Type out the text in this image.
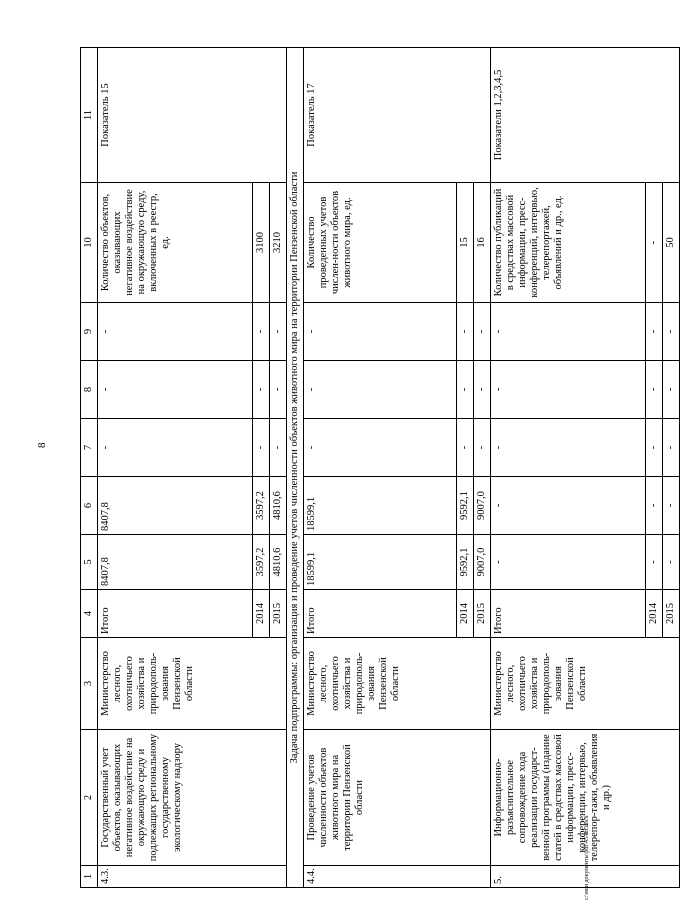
8
c:\мои документы\pdf\45-пп.docx
1	2	3	4	5	6	7	8	9	10	11
4.3.	Государственный учет объектов, оказывающих негативное воздействие на окружающую среду и подлежащих региональному государственному экологическому надзору	Министерство лесного, охотничьего хозяйства и природополь-зования Пензенской области	Итого	8407,8	8407,8	-	-	-	Количество объектов, оказывающих негативное воздействие на окружающую среду, включенных в реестр, ед.	Показатель 15
			2014	3597,2	3597,2	-	-	-	3100	
			2015	4810,6	4810,6	-	-	-	3210	
Задача подпрограммы: организация и проведение учетов численности объектов животного мира на территории Пензенской области										
4.4.	Проведение учетов численности объектов животного мира на территории Пензенской области	Министерство лесного, охотничьего хозяйства и природополь-зования Пензенской области	Итого	18599,1	18599,1	-	-	-	Количество проведенных учетов числен-ности объектов животного мира, ед.	Показатель 17
			2014	9592,1	9592,1	-	-	-	15	
			2015	9007,0	9007,0	-	-	-	16	
5.	Информационно-разъяснительное сопровождение хода реализации государст-венной программы (издание статей в средствах массовой информации, пресс-конференции, интервью, телерепор-тажи, объявления и др.)	Министерство лесного, охотничьего хозяйства и природополь-зования Пензенской области	Итого	-	-	-	-	-	Количество публикаций в средствах массовой информации, пресс-конференций, интервью, телерепортажей, объявлений и др., ед.	Показатели 1,2,3,4,5
			2014	-	-	-	-	-	-	
			2015	-	-	-	-	-	50	
